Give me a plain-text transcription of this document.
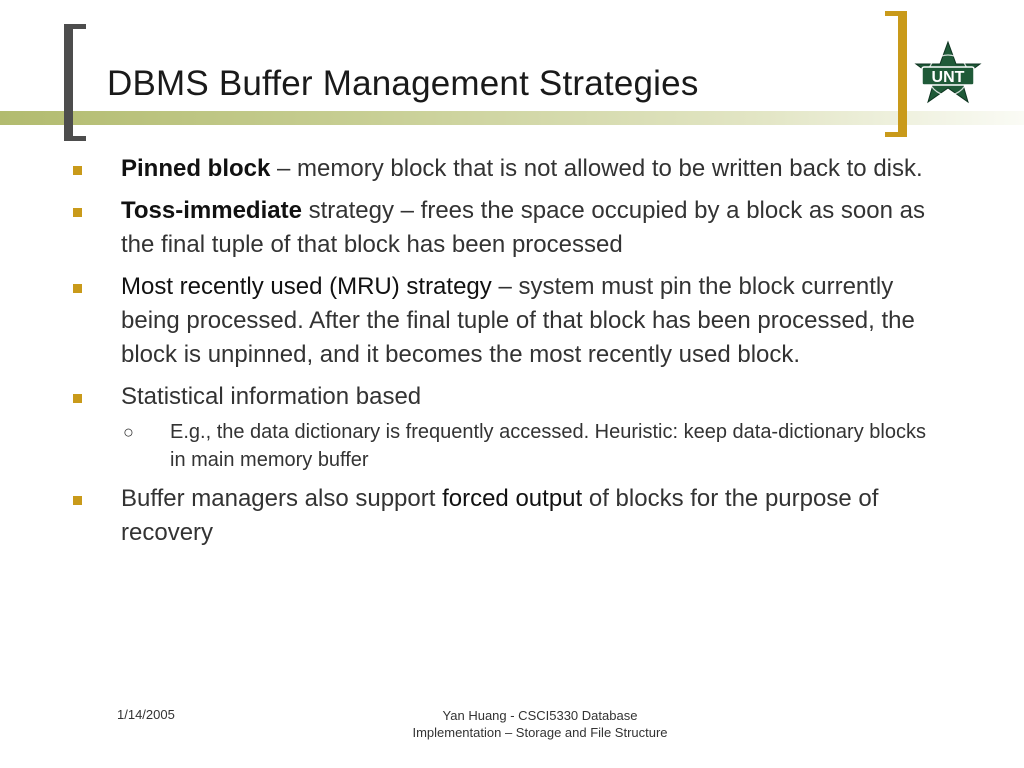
DBMS Buffer Management Strategies	UNT
Pinned block – memory block that is not allowed to be written back to disk.
Toss-immediate strategy – frees the space occupied by a block as soon as the final tuple of that block has been processed
Most recently used (MRU) strategy – system must pin the block currently being processed. After the final tuple of that block has been processed, the block is unpinned, and it becomes the most recently used block.
Statistical information based
○ E.g., the data dictionary is frequently accessed. Heuristic: keep data-dictionary blocks in main memory buffer
Buffer managers also support forced output of blocks for the purpose of recovery
1/14/2005	Yan Huang - CSCI5330 Database
Implementation – Storage and File Structure
